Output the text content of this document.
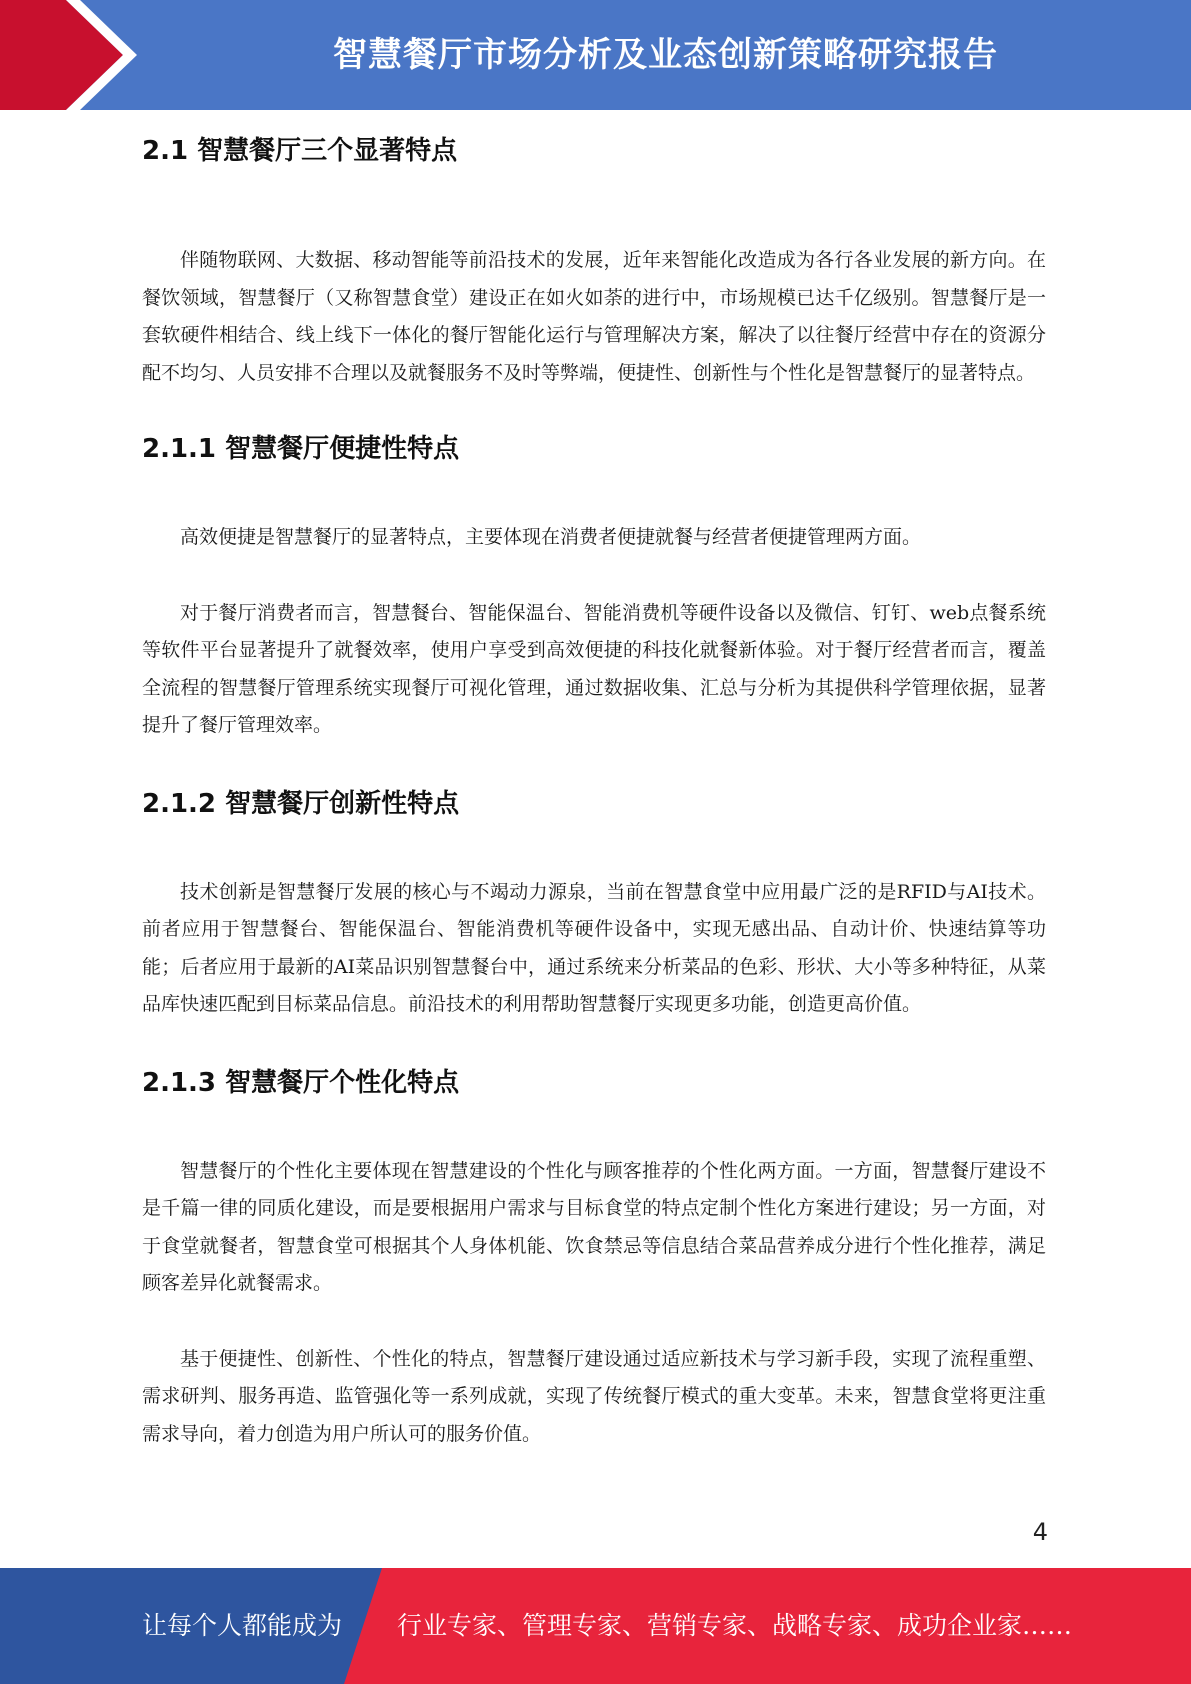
智慧餐厅市场分析及业态创新策略研究报告
2.1 智慧餐厅三个显著特点

伴随物联网、大数据、移动智能等前沿技术的发展，近年来智能化改造成为各行各业发展的新方向。在餐饮领域，智慧餐厅（又称智慧食堂）建设正在如火如荼的进行中，市场规模已达千亿级别。智慧餐厅是一套软硬件相结合、线上线下一体化的餐厅智能化运行与管理解决方案，解决了以往餐厅经营中存在的资源分配不均匀、人员安排不合理以及就餐服务不及时等弊端，便捷性、创新性与个性化是智慧餐厅的显著特点。

2.1.1 智慧餐厅便捷性特点

高效便捷是智慧餐厅的显著特点，主要体现在消费者便捷就餐与经营者便捷管理两方面。

对于餐厅消费者而言，智慧餐台、智能保温台、智能消费机等硬件设备以及微信、钉钉、web点餐系统等软件平台显著提升了就餐效率，使用户享受到高效便捷的科技化就餐新体验。对于餐厅经营者而言，覆盖全流程的智慧餐厅管理系统实现餐厅可视化管理，通过数据收集、汇总与分析为其提供科学管理依据，显著提升了餐厅管理效率。

2.1.2 智慧餐厅创新性特点

技术创新是智慧餐厅发展的核心与不竭动力源泉，当前在智慧食堂中应用最广泛的是RFID与AI技术。前者应用于智慧餐台、智能保温台、智能消费机等硬件设备中，实现无感出品、自动计价、快速结算等功能；后者应用于最新的AI菜品识别智慧餐台中，通过系统来分析菜品的色彩、形状、大小等多种特征，从菜品库快速匹配到目标菜品信息。前沿技术的利用帮助智慧餐厅实现更多功能，创造更高价值。

2.1.3 智慧餐厅个性化特点

智慧餐厅的个性化主要体现在智慧建设的个性化与顾客推荐的个性化两方面。一方面，智慧餐厅建设不是千篇一律的同质化建设，而是要根据用户需求与目标食堂的特点定制个性化方案进行建设；另一方面，对于食堂就餐者，智慧食堂可根据其个人身体机能、饮食禁忌等信息结合菜品营养成分进行个性化推荐，满足顾客差异化就餐需求。

基于便捷性、创新性、个性化的特点，智慧餐厅建设通过适应新技术与学习新手段，实现了流程重塑、需求研判、服务再造、监管强化等一系列成就，实现了传统餐厅模式的重大变革。未来，智慧食堂将更注重需求导向，着力创造为用户所认可的服务价值。

4
让每个人都能成为 行业专家、管理专家、营销专家、战略专家、成功企业家……
